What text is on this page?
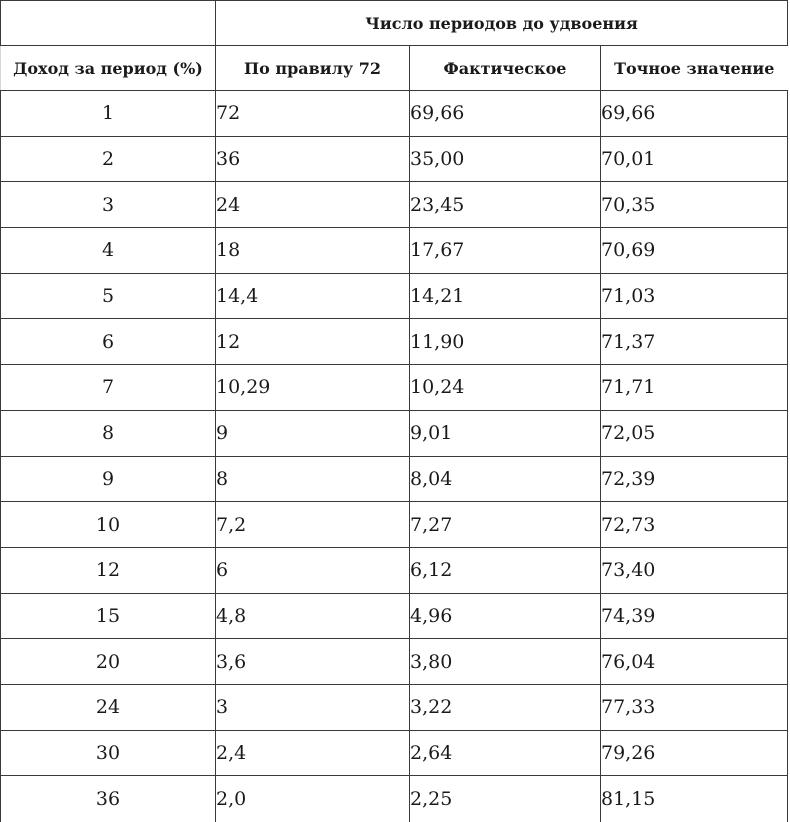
	Число периодов до удвоения		
Доход за период (%)	По правилу 72	Фактическое	Точное значение
1	72	69,66	69,66
2	36	35,00	70,01
3	24	23,45	70,35
4	18	17,67	70,69
5	14,4	14,21	71,03
6	12	11,90	71,37
7	10,29	10,24	71,71
8	9	9,01	72,05
9	8	8,04	72,39
10	7,2	7,27	72,73
12	6	6,12	73,40
15	4,8	4,96	74,39
20	3,6	3,80	76,04
24	3	3,22	77,33
30	2,4	2,64	79,26
36	2,0	2,25	81,15
